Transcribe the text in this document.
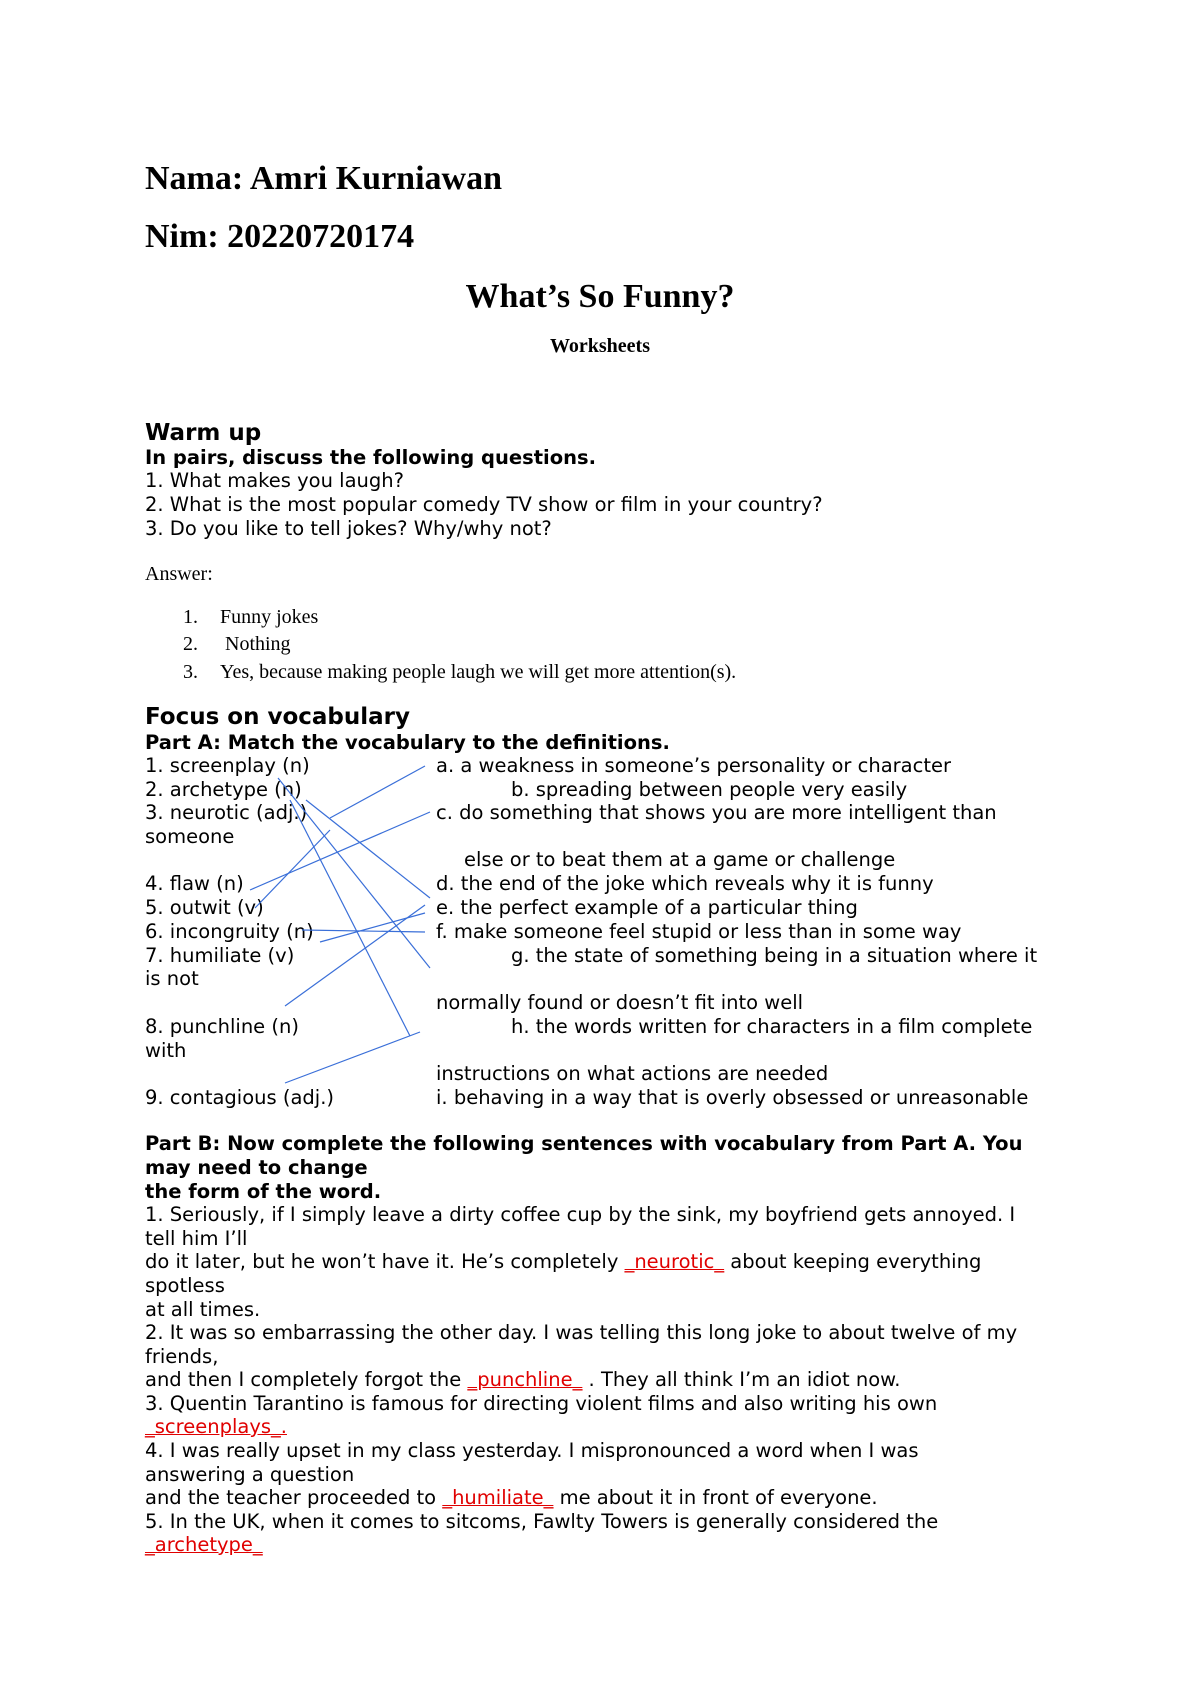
Nama: Amri Kurniawan
Nim: 20220720174
What’s So Funny?
Worksheets
Warm up
In pairs, discuss the following questions.
1. What makes you laugh?
2. What is the most popular comedy TV show or film in your country?
3. Do you like to tell jokes? Why/why not?
Answer:
1. Funny jokes
2. Nothing
3. Yes, because making people laugh we will get more attention(s).
Focus on vocabulary
Part A: Match the vocabulary to the definitions.
1. screenplay (n)
2. archetype (n)
3. neurotic (adj.)
someone
4. flaw (n)
5. outwit (v)
6. incongruity (n)
7. humiliate (v)
is not
8. punchline (n)
with
9. contagious (adj.)
a. a weakness in someone’s personality or character
b. spreading between people very easily
c. do something that shows you are more intelligent than
else or to beat them at a game or challenge
d. the end of the joke which reveals why it is funny
e. the perfect example of a particular thing
f. make someone feel stupid or less than in some way
g. the state of something being in a situation where it
normally found or doesn’t fit into well
h. the words written for characters in a film complete
instructions on what actions are needed
i. behaving in a way that is overly obsessed or unreasonable
Part B: Now complete the following sentences with vocabulary from Part A. You
may need to change
the form of the word.
1. Seriously, if I simply leave a dirty coffee cup by the sink, my boyfriend gets annoyed. I
tell him I’ll
do it later, but he won’t have it. He’s completely _neurotic_ about keeping everything
spotless
at all times.
2. It was so embarrassing the other day. I was telling this long joke to about twelve of my
friends,
and then I completely forgot the _punchline_ . They all think I’m an idiot now.
3. Quentin Tarantino is famous for directing violent films and also writing his own
_screenplays_.
4. I was really upset in my class yesterday. I mispronounced a word when I was
answering a question
and the teacher proceeded to _humiliate_ me about it in front of everyone.
5. In the UK, when it comes to sitcoms, Fawlty Towers is generally considered the
_archetype_
